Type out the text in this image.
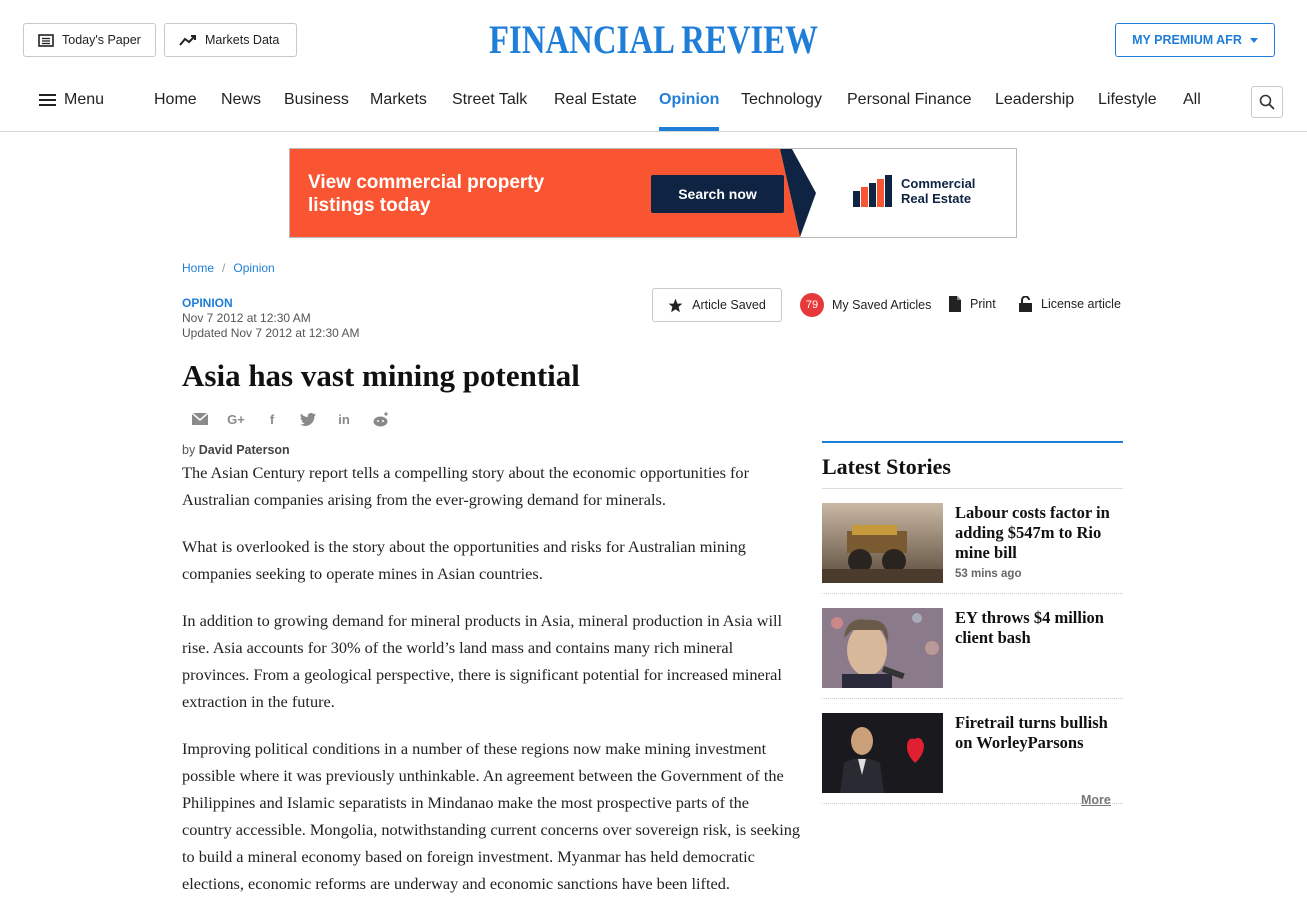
Today's Paper	Markets Data	FINANCIAL REVIEW	MY PREMIUM AFR
Menu	Home News Business Markets Street Talk Real Estate Opinion Technology Personal Finance Leadership Lifestyle All
View commercial property listings today
Search now
Commercial
Real Estate
Home / Opinion
OPINION
Nov 7 2012 at 12:30 AM
Updated Nov 7 2012 at 12:30 AM
Article Saved	79	My Saved Articles	Print	License article
Asia has vast mining potential
G+	f	in
by David Paterson

The Asian Century report tells a compelling story about the economic opportunities for Australian companies arising from the ever-growing demand for minerals.

What is overlooked is the story about the opportunities and risks for Australian mining companies seeking to operate mines in Asian countries.

In addition to growing demand for mineral products in Asia, mineral production in Asia will rise. Asia accounts for 30% of the world’s land mass and contains many rich mineral provinces. From a geological perspective, there is significant potential for increased mineral extraction in the future.

Improving political conditions in a number of these regions now make mining investment possible where it was previously unthinkable. An agreement between the Government of the Philippines and Islamic separatists in Mindanao make the most prospective parts of the country accessible. Mongolia, notwithstanding current concerns over sovereign risk, is seeking to build a mineral economy based on foreign investment. Myanmar has held democratic elections, economic reforms are underway and economic sanctions have been lifted.

Latest Stories
Labour costs factor in adding $547m to Rio mine bill
53 mins ago
EY throws $4 million client bash
Firetrail turns bullish on WorleyParsons
More
